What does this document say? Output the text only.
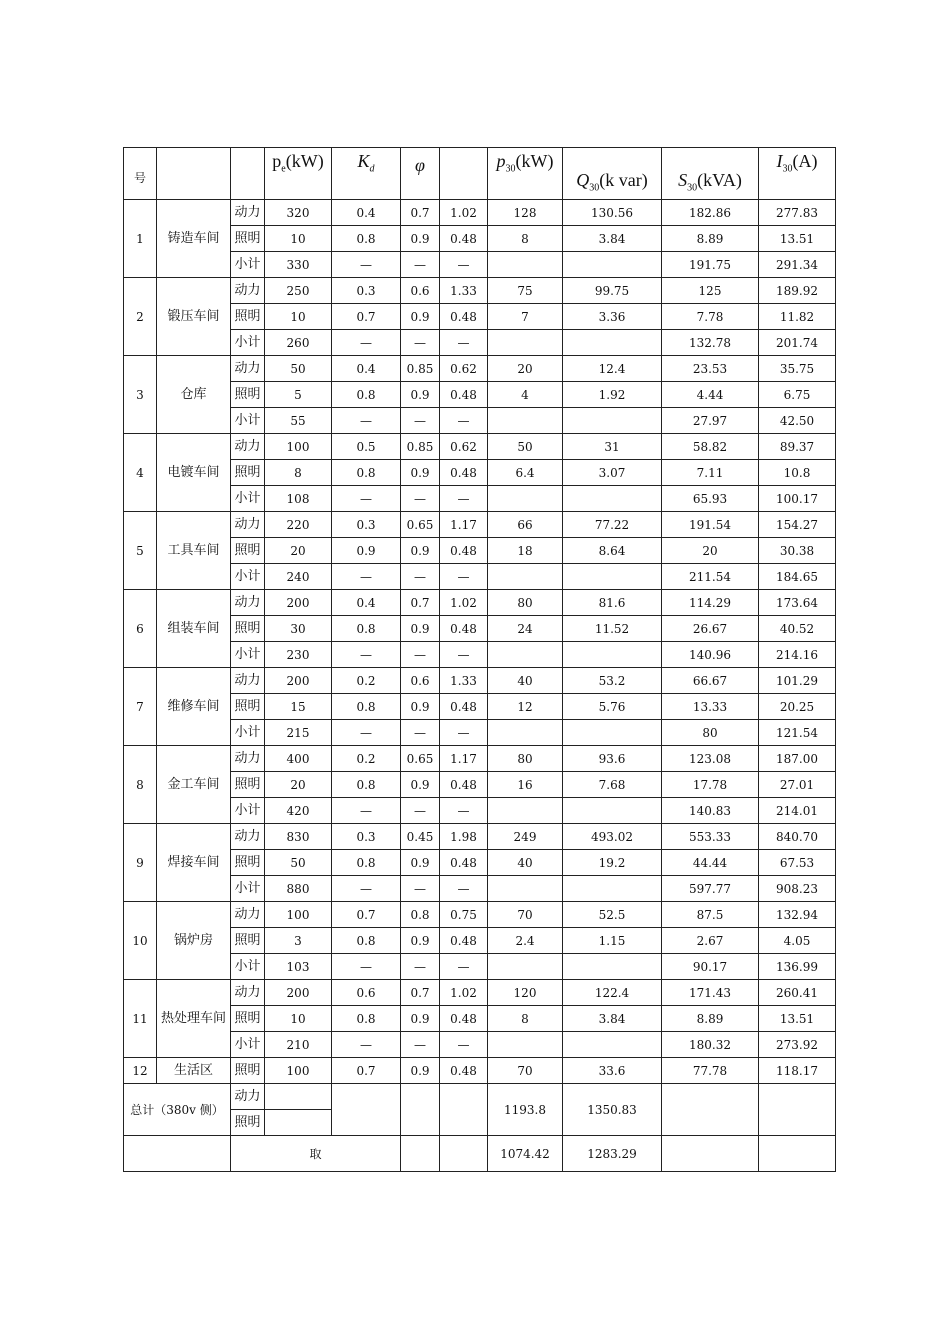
号			$p_e(kW)$	$K_d$	φ		$p_{30}(kW)$	$Q_{30}(k$ var)	$S_{30}(kVA)$	$I_{30}(A)$
1	铸造车间	动力	320	0.4	0.7	1.02	128	130.56	182.86	277.83
		照明	10	0.8	0.9	0.48	8	3.84	8.89	13.51
		小计	330	—	—	—			191.75	291.34
2	锻压车间	动力	250	0.3	0.6	1.33	75	99.75	125	189.92
		照明	10	0.7	0.9	0.48	7	3.36	7.78	11.82
		小计	260	—	—	—			132.78	201.74
3	仓库	动力	50	0.4	0.85	0.62	20	12.4	23.53	35.75
		照明	5	0.8	0.9	0.48	4	1.92	4.44	6.75
		小计	55	—	—	—			27.97	42.50
4	电镀车间	动力	100	0.5	0.85	0.62	50	31	58.82	89.37
		照明	8	0.8	0.9	0.48	6.4	3.07	7.11	10.8
		小计	108	—	—	—			65.93	100.17
5	工具车间	动力	220	0.3	0.65	1.17	66	77.22	191.54	154.27
		照明	20	0.9	0.9	0.48	18	8.64	20	30.38
		小计	240	—	—	—			211.54	184.65
6	组装车间	动力	200	0.4	0.7	1.02	80	81.6	114.29	173.64
		照明	30	0.8	0.9	0.48	24	11.52	26.67	40.52
		小计	230	—	—	—			140.96	214.16
7	维修车间	动力	200	0.2	0.6	1.33	40	53.2	66.67	101.29
		照明	15	0.8	0.9	0.48	12	5.76	13.33	20.25
		小计	215	—	—	—			80	121.54
8	金工车间	动力	400	0.2	0.65	1.17	80	93.6	123.08	187.00
		照明	20	0.8	0.9	0.48	16	7.68	17.78	27.01
		小计	420	—	—	—			140.83	214.01
9	焊接车间	动力	830	0.3	0.45	1.98	249	493.02	553.33	840.70
		照明	50	0.8	0.9	0.48	40	19.2	44.44	67.53
		小计	880	—	—	—			597.77	908.23
10	锅炉房	动力	100	0.7	0.8	0.75	70	52.5	87.5	132.94
		照明	3	0.8	0.9	0.48	2.4	1.15	2.67	4.05
		小计	103	—	—	—			90.17	136.99
11	热处理车间	动力	200	0.6	0.7	1.02	120	122.4	171.43	260.41
		照明	10	0.8	0.9	0.48	8	3.84	8.89	13.51
		小计	210	—	—	—			180.32	273.92
12	生活区	照明	100	0.7	0.9	0.48	70	33.6	77.78	118.17
总计（380v 侧）		动力					1193.8	1350.83		
		照明								
		取					1074.42	1283.29		
